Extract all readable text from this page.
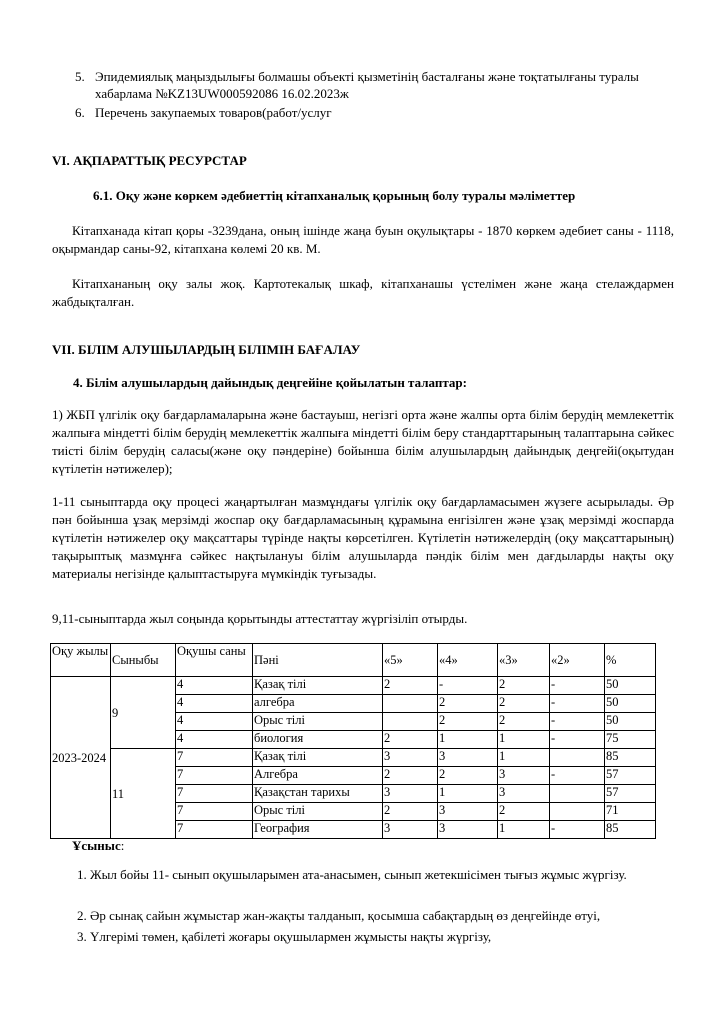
5. Эпидемиялық маңыздылығы болмашы объекті қызметінің басталғаны және тоқтатылғаны туралы хабарлама №KZ13UW000592086 16.02.2023ж
6. Перечень закупаемых товаров(работ/услуг

VI. АҚПАРАТТЫҚ РЕСУРСТАР

6.1. Оқу және көркем әдебиеттің кітапханалық қорының болу туралы мәліметтер

Кітапханада кітап қоры -3239дана, оның ішінде жаңа буын оқулықтары - 1870 көркем әдебиет саны - 1118, оқырмандар саны-92, кітапхана көлемі 20 кв. М.

Кітапхананың оқу залы жоқ. Картотекалық шкаф, кітапханашы үстелімен және жаңа стелаждармен жабдықталған.

VII. БІЛІМ АЛУШЫЛАРДЫҢ БІЛІМІН БАҒАЛАУ

4. Білім алушылардың дайындық деңгейіне қойылатын талаптар:

1) ЖБП үлгілік оқу бағдарламаларына және бастауыш, негізгі орта және жалпы орта білім берудің мемлекеттік жалпыға міндетті білім берудің мемлекеттік жалпыға міндетті білім беру стандарттарының талаптарына сәйкес тиісті білім берудің саласы(және оқу пәндеріне) бойынша білім алушылардың дайындық деңгейі(оқытудан күтілетін нәтижелер);

1-11 сыныптарда оқу процесі жаңартылған мазмұндағы үлгілік оқу бағдарламасымен жүзеге асырылады. Әр пән бойынша ұзақ мерзімді жоспар оқу бағдарламасының құрамына енгізілген және ұзақ мерзімді жоспарда күтілетін нәтижелер оқу мақсаттары түрінде нақты көрсетілген. Күтілетін нәтижелердің (оқу мақсаттарының) тақырыптық мазмұнға сәйкес нақтылануы білім алушыларда пәндік білім мен дағдыларды нақты оқу материалы негізінде қалыптастыруға мүмкіндік туғызады.

9,11-сыныптарда жыл соңында қорытынды аттестаттау жүргізіліп отырды.

Оқу жылы	Сыныбы	Оқушы саны	Пәні	«5»	«4»	«3»	«2»	%
2023-2024	9	4	Қазақ тілі	2	-	2	-	50
		4	алгебра		2	2	-	50
		4	Орыс тілі		2	2	-	50
		4	биология	2	1	1	-	75
	11	7	Қазақ тілі	3	3	1		85
		7	Алгебра	2	2	3	-	57
		7	Қазақстан тарихы	3	1	3		57
		7	Орыс тілі	2	3	2		71
		7	География	3	3	1	-	85

Ұсыныс:

1. Жыл бойы 11- сынып оқушыларымен ата-анасымен, сынып жетекшісімен тығыз жұмыс жүргізу.

2. Әр сынақ сайын жұмыстар жан-жақты талданып, қосымша сабақтардың өз деңгейінде өтуі,

3. Үлгерімі төмен, қабілеті жоғары оқушылармен жұмысты нақты жүргізу,
